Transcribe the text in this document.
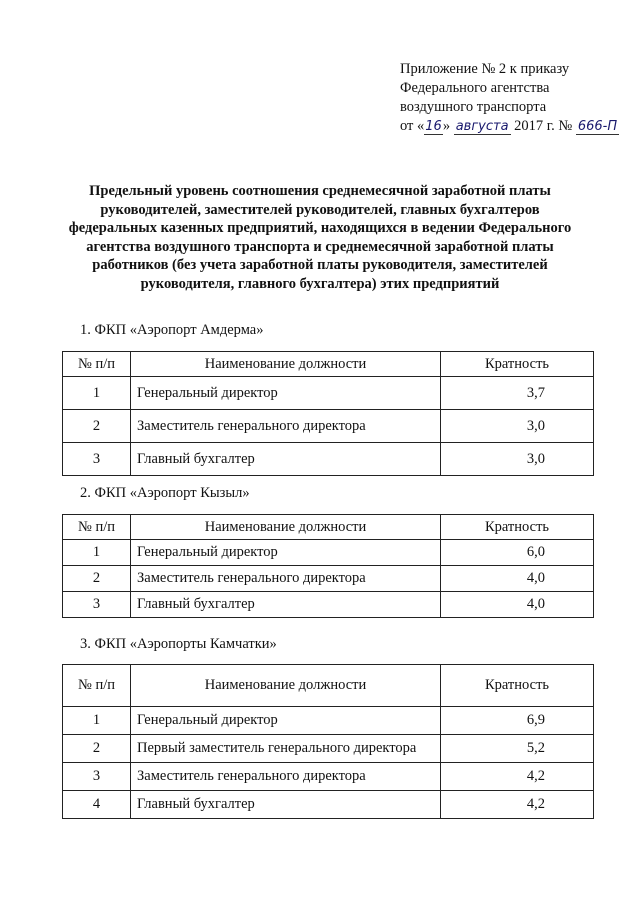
Приложение № 2 к приказу
Федерального агентства
воздушного транспорта
от «16» августа 2017 г. № 666-П
Предельный уровень соотношения среднемесячной заработной платы руководителей, заместителей руководителей, главных бухгалтеров федеральных казенных предприятий, находящихся в ведении Федерального агентства воздушного транспорта и среднемесячной заработной платы работников (без учета заработной платы руководителя, заместителей руководителя, главного бухгалтера) этих предприятий
1. ФКП «Аэропорт Амдерма»
№ п/п	Наименование должности	Кратность
1	Генеральный директор	3,7
2	Заместитель генерального директора	3,0
3	Главный бухгалтер	3,0
2. ФКП «Аэропорт Кызыл»
№ п/п	Наименование должности	Кратность
1	Генеральный директор	6,0
2	Заместитель генерального директора	4,0
3	Главный бухгалтер	4,0
3. ФКП «Аэропорты Камчатки»
№ п/п	Наименование должности	Кратность
1	Генеральный директор	6,9
2	Первый заместитель генерального директора	5,2
3	Заместитель генерального директора	4,2
4	Главный бухгалтер	4,2
